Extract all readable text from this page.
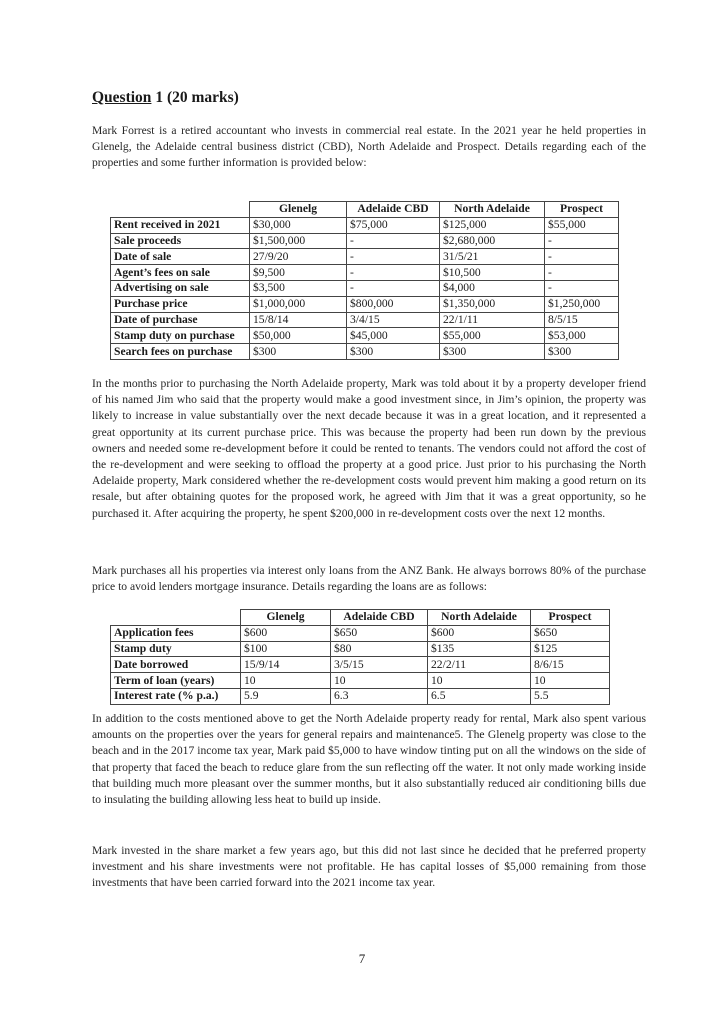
Question 1 (20 marks)
Mark Forrest is a retired accountant who invests in commercial real estate. In the 2021 year he held properties in Glenelg, the Adelaide central business district (CBD), North Adelaide and Prospect. Details regarding each of the properties and some further information is provided below:
	Glenelg	Adelaide CBD	North Adelaide	Prospect
Rent received in 2021	$30,000	$75,000	$125,000	$55,000
Sale proceeds	$1,500,000	-	$2,680,000	-
Date of sale	27/9/20	-	31/5/21	-
Agent’s fees on sale	$9,500	-	$10,500	-
Advertising on sale	$3,500	-	$4,000	-
Purchase price	$1,000,000	$800,000	$1,350,000	$1,250,000
Date of purchase	15/8/14	3/4/15	22/1/11	8/5/15
Stamp duty on purchase	$50,000	$45,000	$55,000	$53,000
Search fees on purchase	$300	$300	$300	$300
In the months prior to purchasing the North Adelaide property, Mark was told about it by a property developer friend of his named Jim who said that the property would make a good investment since, in Jim’s opinion, the property was likely to increase in value substantially over the next decade because it was in a great location, and it represented a great opportunity at its current purchase price. This was because the property had been run down by the previous owners and needed some re-development before it could be rented to tenants. The vendors could not afford the cost of the re-development and were seeking to offload the property at a good price. Just prior to his purchasing the North Adelaide property, Mark considered whether the re-development costs would prevent him making a good return on its resale, but after obtaining quotes for the proposed work, he agreed with Jim that it was a great opportunity, so he purchased it. After acquiring the property, he spent $200,000 in re-development costs over the next 12 months.
Mark purchases all his properties via interest only loans from the ANZ Bank. He always borrows 80% of the purchase price to avoid lenders mortgage insurance. Details regarding the loans are as follows:
	Glenelg	Adelaide CBD	North Adelaide	Prospect
Application fees	$600	$650	$600	$650
Stamp duty	$100	$80	$135	$125
Date borrowed	15/9/14	3/5/15	22/2/11	8/6/15
Term of loan (years)	10	10	10	10
Interest rate (% p.a.)	5.9	6.3	6.5	5.5
In addition to the costs mentioned above to get the North Adelaide property ready for rental, Mark also spent various amounts on the properties over the years for general repairs and maintenance5. The Glenelg property was close to the beach and in the 2017 income tax year, Mark paid $5,000 to have window tinting put on all the windows on the side of that property that faced the beach to reduce glare from the sun reflecting off the water. It not only made working inside that building much more pleasant over the summer months, but it also substantially reduced air conditioning bills due to insulating the building allowing less heat to build up inside.
Mark invested in the share market a few years ago, but this did not last since he decided that he preferred property investment and his share investments were not profitable. He has capital losses of $5,000 remaining from those investments that have been carried forward into the 2021 income tax year.
7
